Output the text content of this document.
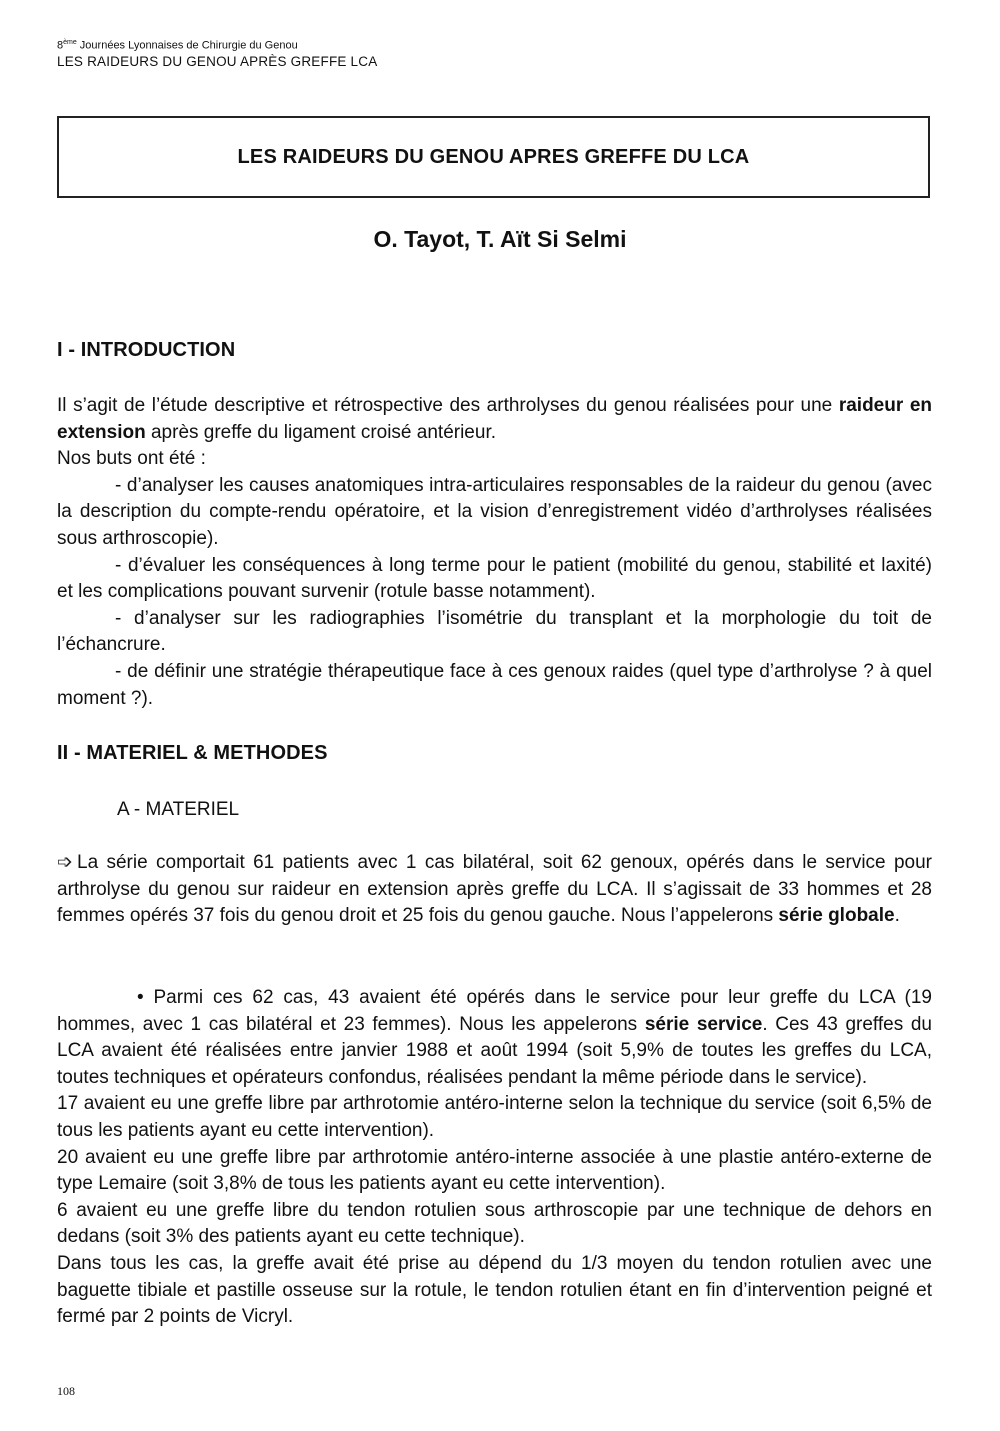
8ème Journées Lyonnaises de Chirurgie du Genou
LES RAIDEURS DU GENOU APRÈS GREFFE LCA
LES RAIDEURS DU GENOU APRES GREFFE DU LCA
O. Tayot, T. Aït Si Selmi
I - INTRODUCTION

Il s’agit de l’étude descriptive et rétrospective des arthrolyses du genou réalisées pour une raideur en extension après greffe du ligament croisé antérieur.

Nos buts ont été :

- d’analyser les causes anatomiques intra-articulaires responsables de la raideur du genou (avec la description du compte-rendu opératoire, et la vision d’enregistrement vidéo d’arthrolyses réalisées sous arthroscopie).

- d’évaluer les conséquences à long terme pour le patient (mobilité du genou, stabilité et laxité) et les complications pouvant survenir (rotule basse notamment).

- d’analyser sur les radiographies l’isométrie du transplant et la morphologie du toit de l’échancrure.

- de définir une stratégie thérapeutique face à ces genoux raides (quel type d’arthrolyse ? à quel moment ?).

II - MATERIEL & METHODES
A - MATERIEL

➩ La série comportait 61 patients avec 1 cas bilatéral, soit 62 genoux, opérés dans le service pour arthrolyse du genou sur raideur en extension après greffe du LCA. Il s’agissait de 33 hommes et 28 femmes opérés 37 fois du genou droit et 25 fois du genou gauche. Nous l’appelerons série globale.

• Parmi ces 62 cas, 43 avaient été opérés dans le service pour leur greffe du LCA (19 hommes, avec 1 cas bilatéral et 23 femmes). Nous les appelerons série service. Ces 43 greffes du LCA avaient été réalisées entre janvier 1988 et août 1994 (soit 5,9% de toutes les greffes du LCA, toutes techniques et opérateurs confondus, réalisées pendant la même période dans le service).

17 avaient eu une greffe libre par arthrotomie antéro-interne selon la technique du service (soit 6,5% de tous les patients ayant eu cette intervention).

20 avaient eu une greffe libre par arthrotomie antéro-interne associée à une plastie antéro-externe de type Lemaire (soit 3,8% de tous les patients ayant eu cette intervention).

6 avaient eu une greffe libre du tendon rotulien sous arthroscopie par une technique de dehors en dedans (soit 3% des patients ayant eu cette technique).

Dans tous les cas, la greffe avait été prise au dépend du 1/3 moyen du tendon rotulien avec une baguette tibiale et pastille osseuse sur la rotule, le tendon rotulien étant en fin d’intervention peigné et fermé par 2 points de Vicryl.

108
